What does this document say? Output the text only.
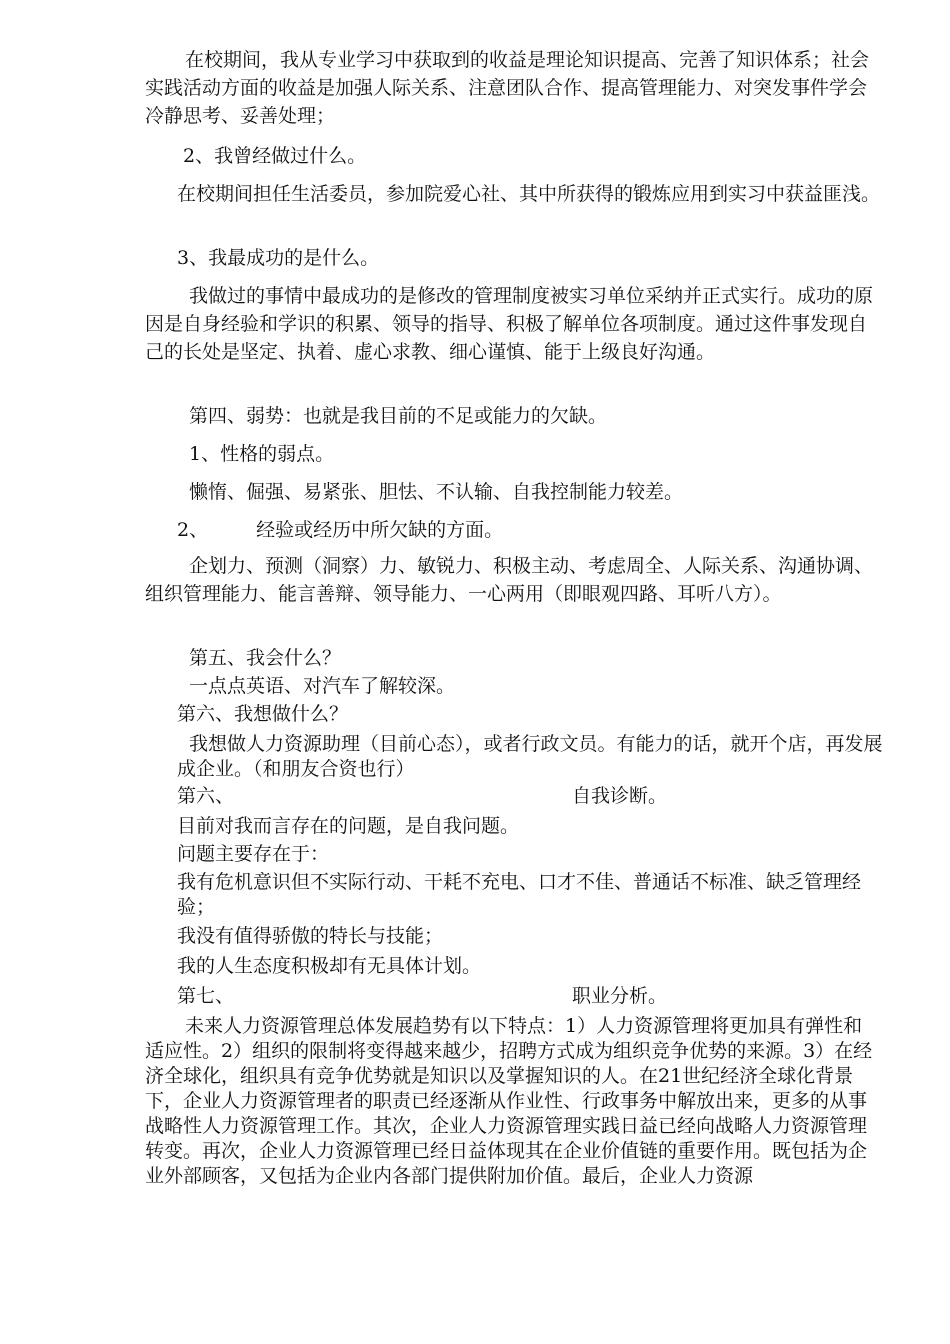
在校期间，我从专业学习中获取到的收益是理论知识提高、完善了知识体系；社会实践活动方面的收益是加强人际关系、注意团队合作、提高管理能力、对突发事件学会冷静思考、妥善处理；

2、我曾经做过什么。

在校期间担任生活委员，参加院爱心社、其中所获得的锻炼应用到实习中获益匪浅。

3、我最成功的是什么。

我做过的事情中最成功的是修改的管理制度被实习单位采纳并正式实行。成功的原因是自身经验和学识的积累、领导的指导、积极了解单位各项制度。通过这件事发现自己的长处是坚定、执着、虚心求教、细心谨慎、能于上级良好沟通。

第四、弱势：也就是我目前的不足或能力的欠缺。

1、性格的弱点。

懒惰、倔强、易紧张、胆怯、不认输、自我控制能力较差。

2、	经验或经历中所欠缺的方面。

企划力、预测（洞察）力、敏锐力、积极主动、考虑周全、人际关系、沟通协调、组织管理能力、能言善辩、领导能力、一心两用（即眼观四路、耳听八方）。

第五、我会什么？

一点点英语、对汽车了解较深。

第六、我想做什么？

我想做人力资源助理（目前心态），或者行政文员。有能力的话，就开个店，再发展成企业。（和朋友合资也行）

第六、	自我诊断。

目前对我而言存在的问题，是自我问题。

问题主要存在于：

我有危机意识但不实际行动、干耗不充电、口才不佳、普通话不标准、缺乏管理经验；

我没有值得骄傲的特长与技能；

我的人生态度积极却有无具体计划。

第七、	职业分析。

未来人力资源管理总体发展趋势有以下特点：1）人力资源管理将更加具有弹性和适应性。2）组织的限制将变得越来越少，招聘方式成为组织竞争优势的来源。3）在经济全球化，组织具有竞争优势就是知识以及掌握知识的人。在21世纪经济全球化背景下，企业人力资源管理者的职责已经逐渐从作业性、行政事务中解放出来，更多的从事战略性人力资源管理工作。其次，企业人力资源管理实践日益已经向战略人力资源管理转变。再次，企业人力资源管理已经日益体现其在企业价值链的重要作用。既包括为企业外部顾客，又包括为企业内各部门提供附加价值。最后，企业人力资源
